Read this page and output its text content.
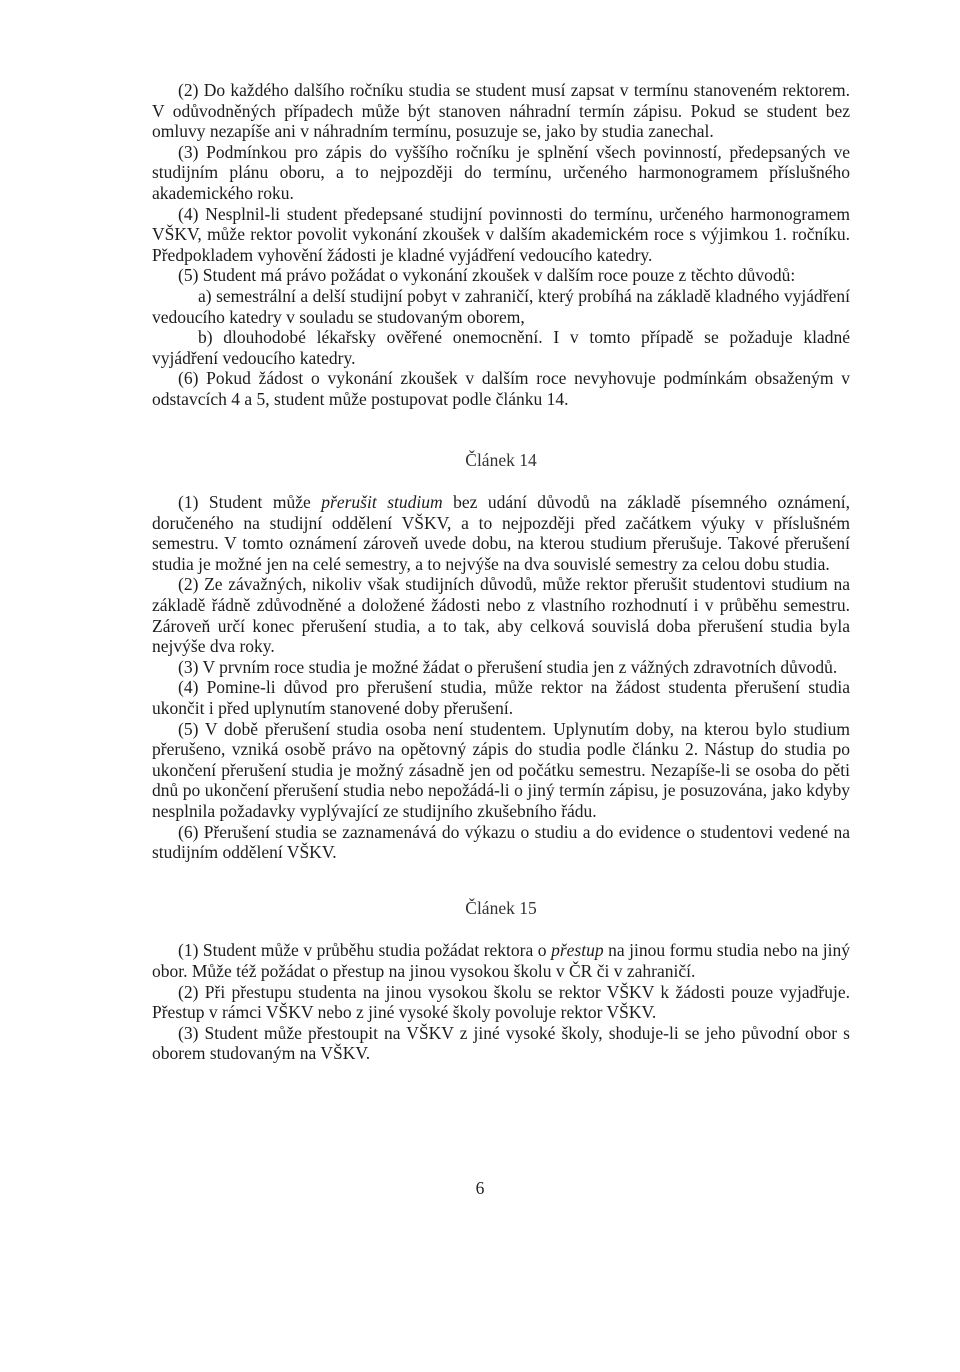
(2) Do každého dalšího ročníku studia se student musí zapsat v termínu stanoveném rektorem. V odůvodněných případech může být stanoven náhradní termín zápisu. Pokud se student bez omluvy nezapíše ani v náhradním termínu, posuzuje se, jako by studia zanechal.

(3) Podmínkou pro zápis do vyššího ročníku je splnění všech povinností, předepsaných ve studijním plánu oboru, a to nejpozději do termínu, určeného harmonogramem příslušného akademického roku.

(4) Nesplnil-li student předepsané studijní povinnosti do termínu, určeného harmonogramem VŠKV, může rektor povolit vykonání zkoušek v dalším akademickém roce s výjimkou 1. ročníku. Předpokladem vyhovění žádosti je kladné vyjádření vedoucího katedry.

(5) Student má právo požádat o vykonání zkoušek v dalším roce pouze z těchto důvodů:

a) semestrální a delší studijní pobyt v zahraničí, který probíhá na základě kladného vyjádření vedoucího katedry v souladu se studovaným oborem,

b) dlouhodobé lékařsky ověřené onemocnění. I v tomto případě se požaduje kladné vyjádření vedoucího katedry.

(6) Pokud žádost o vykonání zkoušek v dalším roce nevyhovuje podmínkám obsaženým v odstavcích 4 a 5, student může postupovat podle článku 14.

Článek 14

(1) Student může přerušit studium bez udání důvodů na základě písemného oznámení, doručeného na studijní oddělení VŠKV, a to nejpozději před začátkem výuky v příslušném semestru. V tomto oznámení zároveň uvede dobu, na kterou studium přerušuje. Takové přerušení studia je možné jen na celé semestry, a to nejvýše na dva souvislé semestry za celou dobu studia.

(2) Ze závažných, nikoliv však studijních důvodů, může rektor přerušit studentovi studium na základě řádně zdůvodněné a doložené žádosti nebo z vlastního rozhodnutí i v průběhu semestru. Zároveň určí konec přerušení studia, a to tak, aby celková souvislá doba přerušení studia byla nejvýše dva roky.

(3) V prvním roce studia je možné žádat o přerušení studia jen z vážných zdravotních důvodů.

(4) Pomine-li důvod pro přerušení studia, může rektor na žádost studenta přerušení studia ukončit i před uplynutím stanovené doby přerušení.

(5) V době přerušení studia osoba není studentem. Uplynutím doby, na kterou bylo studium přerušeno, vzniká osobě právo na opětovný zápis do studia podle článku 2. Nástup do studia po ukončení přerušení studia je možný zásadně jen od počátku semestru. Nezapíše-li se osoba do pěti dnů po ukončení přerušení studia nebo nepožádá-li o jiný termín zápisu, je posuzována, jako kdyby nesplnila požadavky vyplývající ze studijního zkušebního řádu.

(6) Přerušení studia se zaznamenává do výkazu o studiu a do evidence o studentovi vedené na studijním oddělení VŠKV.

Článek 15

(1) Student může v průběhu studia požádat rektora o přestup na jinou formu studia nebo na jiný obor. Může též požádat o přestup na jinou vysokou školu v ČR či v zahraničí.

(2) Při přestupu studenta na jinou vysokou školu se rektor VŠKV k žádosti pouze vyjadřuje. Přestup v rámci VŠKV nebo z jiné vysoké školy povoluje rektor VŠKV.

(3) Student může přestoupit na VŠKV z jiné vysoké školy, shoduje-li se jeho původní obor s oborem studovaným na VŠKV.

6
